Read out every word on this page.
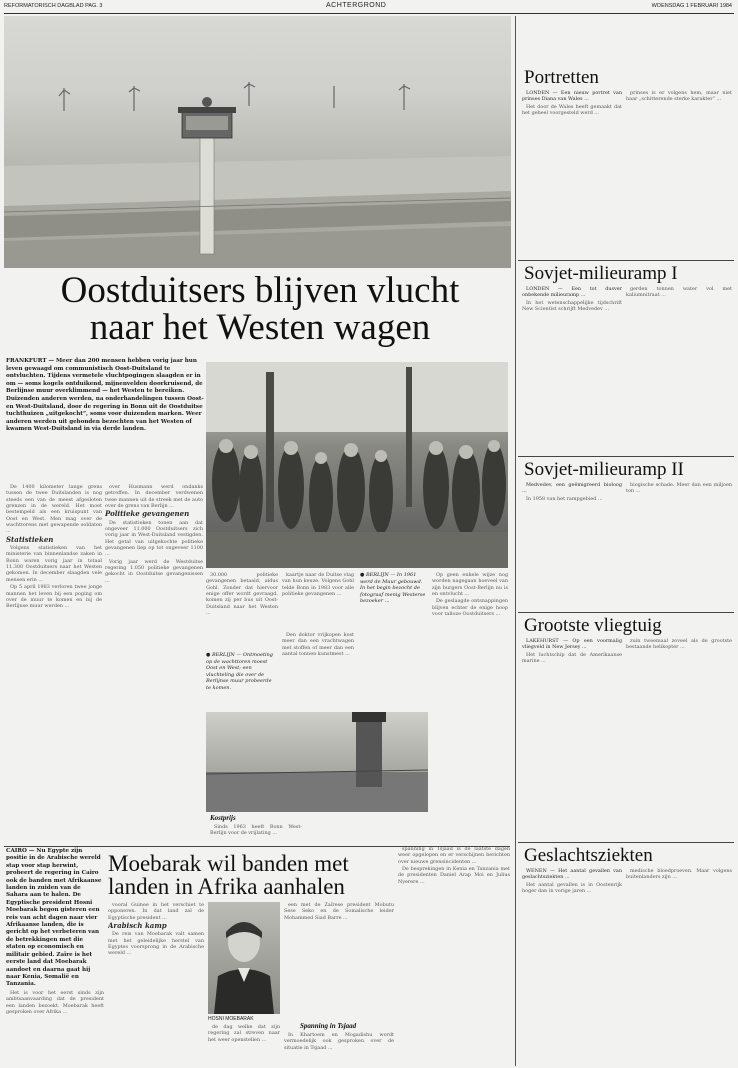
REFORMATORISCH DAGBLAD PAG. 3	ACHTERGROND	WOENSDAG 1 FEBRUARI 1984
Oostduitsers blijven vlucht
naar het Westen wagen
FRANKFURT — Meer dan 200 mensen hebben vorig jaar hun leven gewaagd om communistisch Oost-Duitsland te ontvluchten. Tijdens vermetele vluchtpogingen slaagden er in om — soms kogels ontduikend, mijnenvelden doorkruisend, de Berlijnse muur overklimmend — het Westen te bereiken. Duizenden anderen werden, na onderhandelingen tussen Oost- en West-Duitsland, door de regering in Bonn uit de Oostduitse tuchthuizen „uitgekocht”, soms voor duizenden marken. Weer anderen werden uit gebonden bezochten van het Westen of kwamen West-Duitsland in via derde landen.

De 1400 kilometer lange grens tussen de twee Duitslanden is nog steeds een van de meest afgesloten grenzen in de wereld. Het moet bestempeld als een kruispunt van Oost en West. Men mag over de wachttorens met gewapende soldaten ...

Statistieken

Volgens statistieken van het ministerie van binnenlandse zaken in Bonn waren vorig jaar in totaal 11.300 Oostduitsers naar het Westen gekomen. In december slaagden vele mensen erin ...

Op 5 april 1983 verloren twee jonge mannen het leven bij een poging om over de muur te komen en bij de Berlijnse muur werden ...

over Husmann werd ondanks getroffen. In december verdwenen twee mannen uit de streek met de auto over de grens van Berlijn ...

Politieke gevangenen

De statistieken tonen aan dat ongeveer 11.000 Oostduitsers zich vorig jaar in West-Duitsland vestigden. Het getal van uitgekochte politieke gevangenen liep op tot ongeveer 1100 ...

Vorig jaar werd de Westduitse regering 1.050 politieke gevangenen gekocht in Oostduitse gevangenissen ...

30.000 politieke gevangenen betaald, aldus Gohl. Zonder dat hiervoor enige offer wordt gevraagd, komen zij per bus uit Oost-Duitsland naar het Westen ...

kaartje naar de Duitse vlag van hun keuze. Volgens Gohl telde Bonn in 1983 voor alle politieke gevangenen ...

● BERLIJN — Ontmoeting op de wachttoren moest Oost en West; een vluchteling die over de Berlijnse muur probeerde te komen.

Den doktor vrijkopen kost meer dan een vrachtwagen met stoffen of meer dan een aantal tonnen kunstmest ...

● BERLIJN — In 1961 werd de Muur gebouwd. In het begin bezocht de fotograaf menig Westerse bezoeker ...

Op geen enkele wijze nog worden nagegaan hoeveel van zijn burgers Oost-Berlijn nu is en ontvlucht ...

De geslaagde ontsnappingen blijven echter de enige hoop voor talloze Oostduitsers ...

Kostprijs

Sinds 1963 heeft Bonn West-Berlijn voor de vrijlating ...

Moebarak wil banden met
landen in Afrika aanhalen
CAIRO — Nu Egypte zijn positie in de Arabische wereld stap voor stap herwint, probeert de regering in Cairo ook de banden met Afrikaanse landen in zuiden van de Sahara aan te halen. De Egyptische president Hosni Moebarak begon gisteren een reis van acht dagen naar vier Afrikaanse landen, die is gericht op het verbeteren van de betrekkingen met die staten op economisch en militair gebied. Zaïre is het eerste land dat Moebarak aandoet en daarna gaat hij naar Kenia, Somalië en Tanzania.

Het is voor het eerst sinds zijn ambtsaanvaarding dat de president een landen bezoekt. Moebarak heeft gesproken over Afrika ...

vooral Guinee in het verschiet te opponeren. In dat land zal de Egyptische president ...

Arabisch kamp

De reis van Moebarak valt samen met het geleidelijke herstel van Egyptes voorsprong in de Arabische wereld ...

HOSNI MOEBARAK

de dag welke dat zijn regering zal streven naar het weer openstellen ...

een met de Zaïrese president Mobutu Sese Seko en de Somalische leider Mohammed Siad Barre ...

Spanning in Tsjaad

In Khartoem en Mogadishu wordt vermoedelijk ook gesproken over de situatie in Tsjaad ...

spanning in Tsjaad is de laatste dagen weer opgelopen en er verschijnen berichten over nieuwe grensincidenten ...

De besprekingen in Kenia en Tanzania met de presidenten Daniel Arap Moi en Julius Nyerere ...

Portretten

LONDEN — Een nieuw portret van prinses Diana van Wales ...

Het door de Wales heeft gemaakt dat het geheel voorgesteld werd ...

prinses is er volgens hem, maar niet haar „schitterende sterke karakter” ...

Sovjet-milieuramp I

LONDEN — Een tot dusver onbekende milieuramp ...

In het wetenschappelijke tijdschrift New Scientist schrijft Medvedev ...

gerden tonnen water vol met kaliumnitraat ...

Sovjet-milieuramp II

Medvedev, een geëmigreerd bioloog ...

In 1958 van het rampgebied ...

biogische schade. Meer dan een miljoen ton ...

Grootste vliegtuig

LAKEHURST — Op een voormalig vliegveld in New Jersey ...

Het luchtschip dat de Amerikaanse marine ...

zuin tweemaal zoveel als de grootste bestaande helikopter ...

Geslachtsziekten

WENEN — Het aantal gevallen van geslachtsziekten ...

Het aantal gevallen is in Oostenrijk hoger dan in vorige jaren ...

medische bloedproeven. Maar volgens buitenlanders zijn ...
